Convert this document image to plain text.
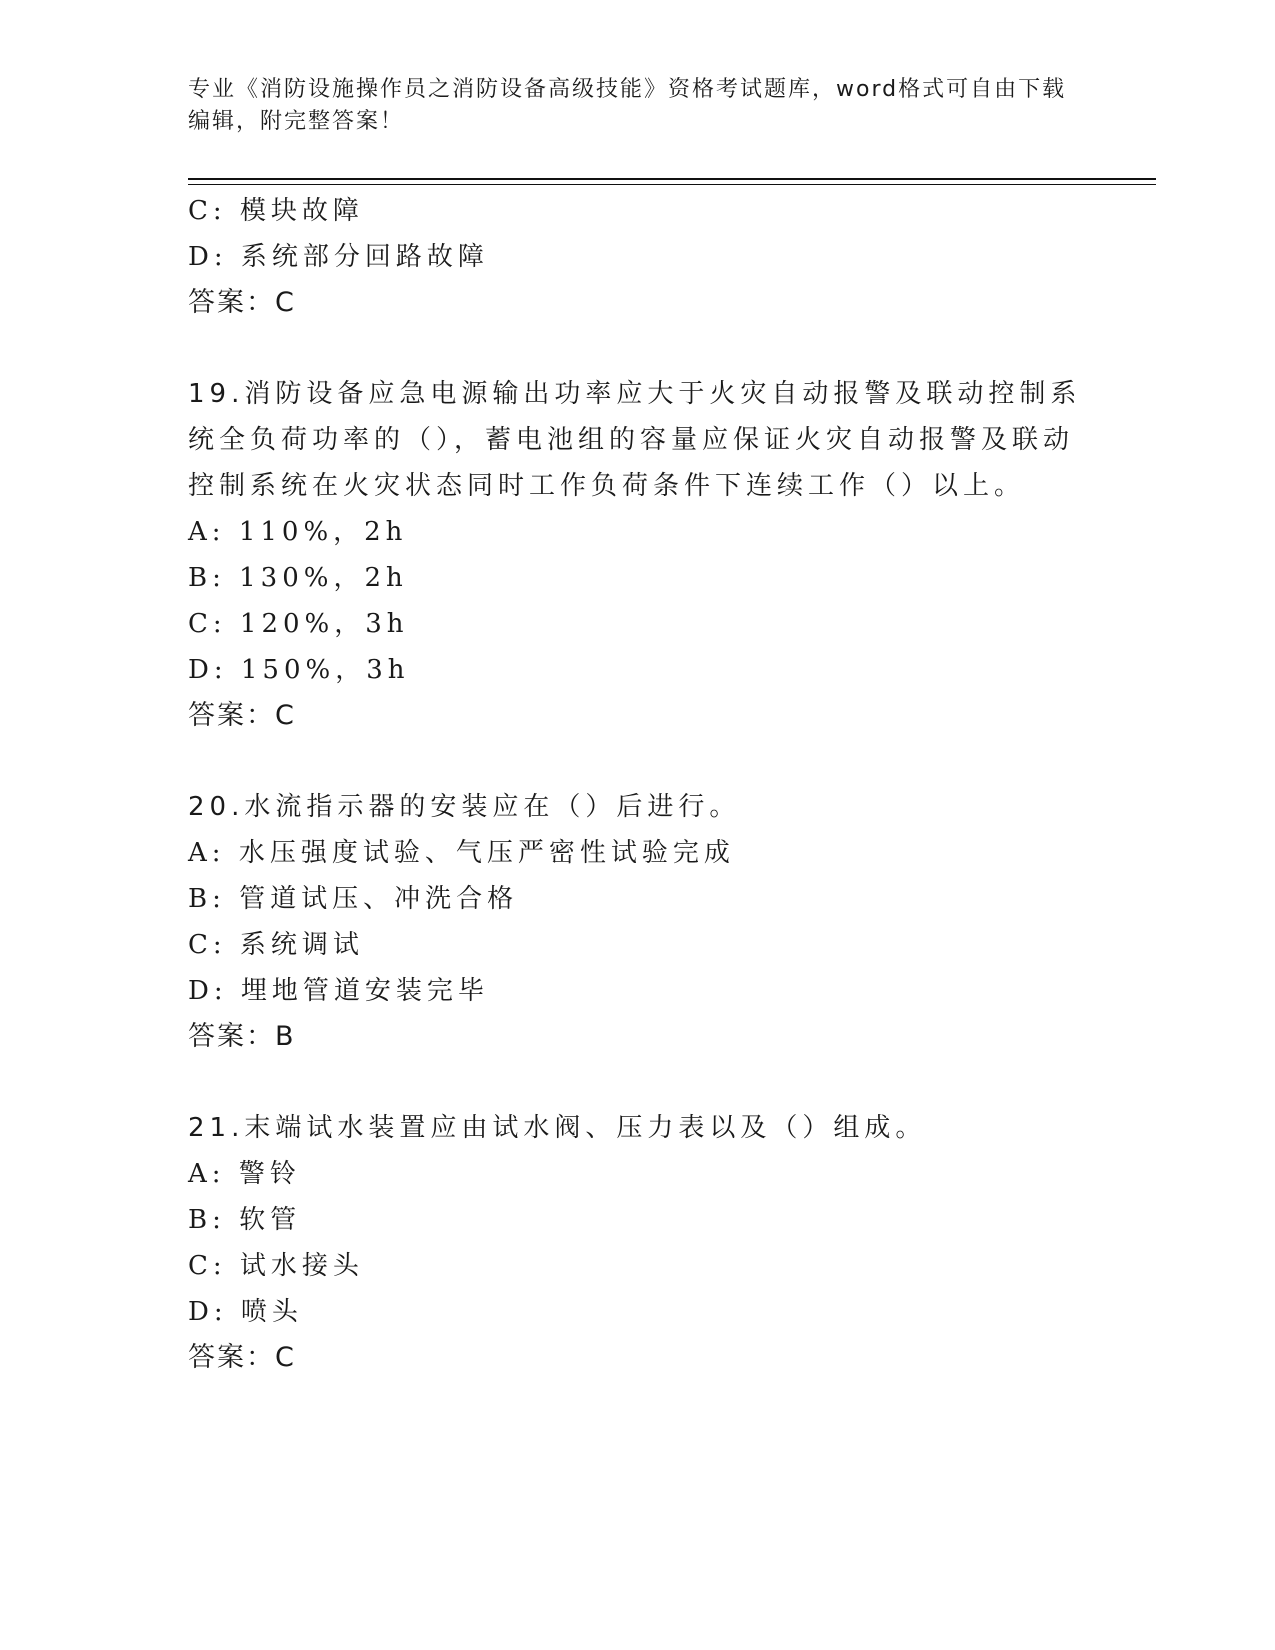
专业《消防设施操作员之消防设备高级技能》资格考试题库，word格式可自由下载编辑，附完整答案！
C: 模块故障
D: 系统部分回路故障
答案：C
19.消防设备应急电源输出功率应大于火灾自动报警及联动控制系统全负荷功率的（），蓄电池组的容量应保证火灾自动报警及联动控制系统在火灾状态同时工作负荷条件下连续工作（）以上。
A: 110%，2h
B: 130%，2h
C: 120%，3h
D: 150%，3h
答案：C
20.水流指示器的安装应在（）后进行。
A: 水压强度试验、气压严密性试验完成
B: 管道试压、冲洗合格
C: 系统调试
D: 埋地管道安装完毕
答案：B
21.末端试水装置应由试水阀、压力表以及（）组成。
A: 警铃
B: 软管
C: 试水接头
D: 喷头
答案：C
